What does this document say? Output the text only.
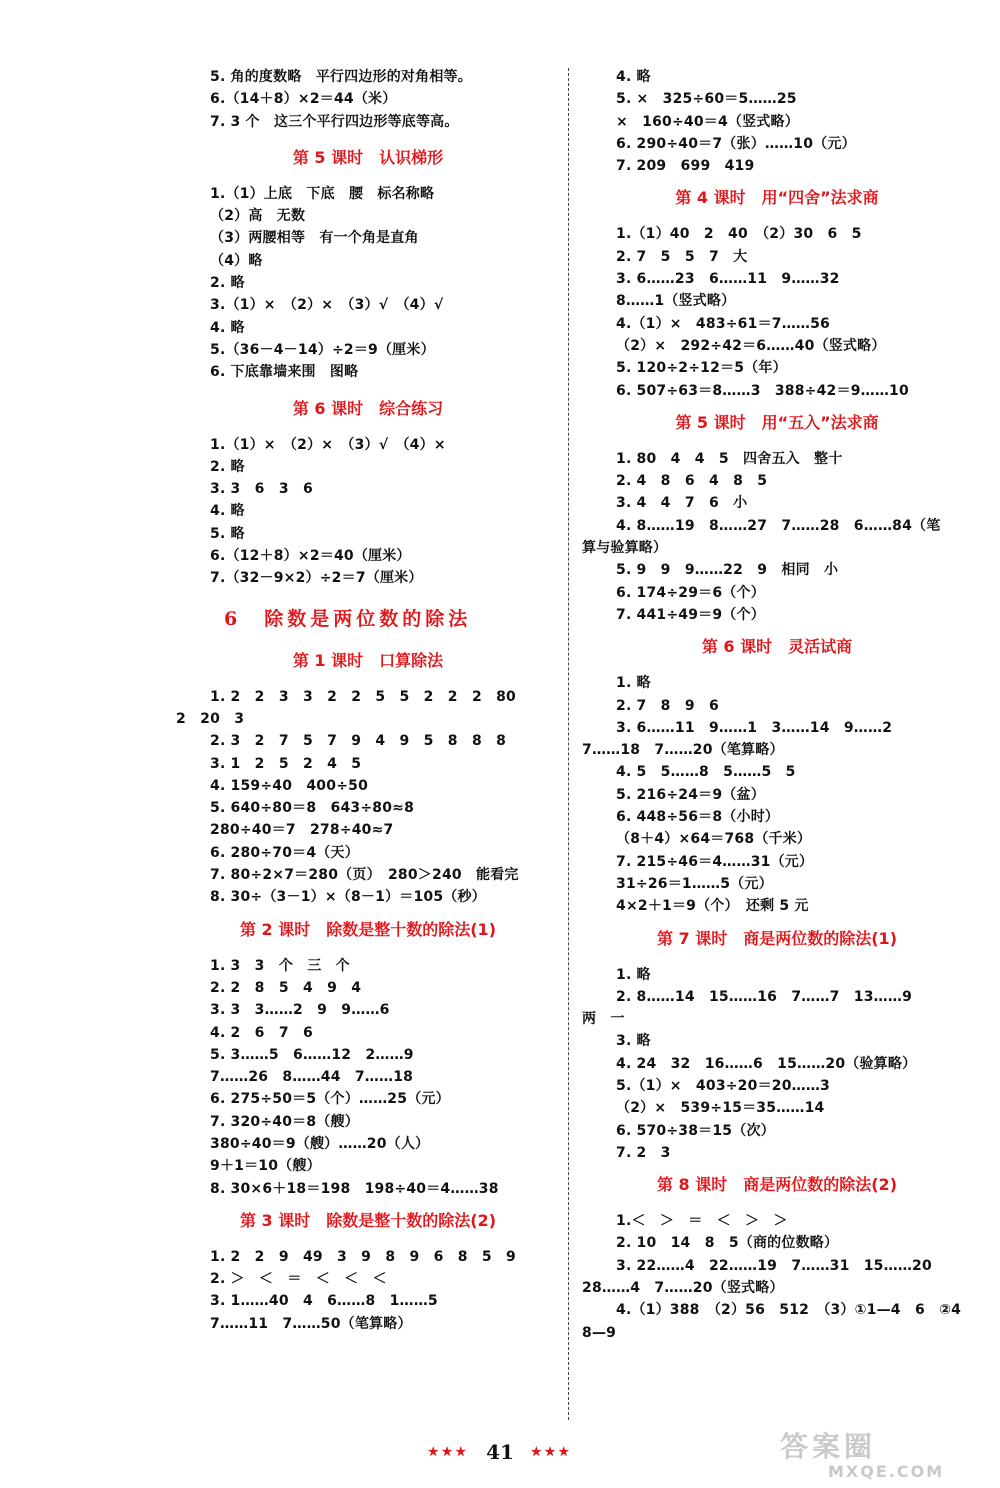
5. 角的度数略　平行四边形的对角相等。
6.（14＋8）×2＝44（米）
7. 3 个　这三个平行四边形等底等高。
第 5 课时　认识梯形
1.（1）上底　下底　腰　标名称略
（2）高　无数
（3）两腰相等　有一个角是直角
（4）略
2. 略
3.（1）×　（2）×　（3）√　（4）√
4. 略
5.（36－4－14）÷2＝9（厘米）
6. 下底靠墙来围　图略
第 6 课时　综合练习
1.（1）×　（2）×　（3）√　（4）×
2. 略
3. 3　6　3　6
4. 略
5. 略
6.（12＋8）×2＝40（厘米）
7.（32－9×2）÷2＝7（厘米）
6　除数是两位数的除法
第 1 课时　口算除法
1. 2　2　3　3　2　2　5　5　2　2　2　80
2　20　3
2. 3　2　7　5　7　9　4　9　5　8　8　8
3. 1　2　5　2　4　5
4. 159÷40　400÷50
5. 640÷80＝8　643÷80≈8
280÷40＝7　278÷40≈7
6. 280÷70＝4（天）
7. 80÷2×7＝280（页）　280＞240　能看完
8. 30÷（3－1）×（8－1）＝105（秒）
第 2 课时　除数是整十数的除法(1)
1. 3　3　个　三　个
2. 2　8　5　4　9　4
3. 3　3……2　9　9……6
4. 2　6　7　6
5. 3……5　6……12　2……9
7……26　8……44　7……18
6. 275÷50＝5（个）……25（元）
7. 320÷40＝8（艘）
380÷40＝9（艘）……20（人）
9＋1＝10（艘）
8. 30×6＋18＝198　198÷40＝4……38
第 3 课时　除数是整十数的除法(2)
1. 2　2　9　49　3　9　8　9　6　8　5　9
2. ＞　＜　＝　＜　＜　＜
3. 1……40　4　6……8　1……5
7……11　7……50（笔算略）
4. 略
5. ×　325÷60＝5……25
×　160÷40＝4（竖式略）
6. 290÷40＝7（张）……10（元）
7. 209　699　419
第 4 课时　用“四舍”法求商
1.（1）40　2　40　（2）30　6　5
2. 7　5　5　7　大
3. 6……23　6……11　9……32
8……1（竖式略）
4.（1）×　483÷61＝7……56
（2）×　292÷42＝6……40（竖式略）
5. 120÷2÷12＝5（年）
6. 507÷63＝8……3　388÷42＝9……10
第 5 课时　用“五入”法求商
1. 80　4　4　5　四舍五入　整十
2. 4　8　6　4　8　5
3. 4　4　7　6　小
4. 8……19　8……27　7……28　6……84（笔
算与验算略）
5. 9　9　9……22　9　相同　小
6. 174÷29＝6（个）
7. 441÷49＝9（个）
第 6 课时　灵活试商
1. 略
2. 7　8　9　6
3. 6……11　9……1　3……14　9……2
7……18　7……20（笔算略）
4. 5　5……8　5……5　5
5. 216÷24＝9（盆）
6. 448÷56＝8（小时）
（8＋4）×64＝768（千米）
7. 215÷46＝4……31（元）
31÷26＝1……5（元）
4×2＋1＝9（个）　还剩 5 元
第 7 课时　商是两位数的除法(1)
1. 略
2. 8……14　15……16　7……7　13……9
两　一
3. 略
4. 24　32　16……6　15……20（验算略）
5.（1）×　403÷20＝20……3
（2）×　539÷15＝35……14
6. 570÷38＝15（次）
7. 2　3
第 8 课时　商是两位数的除法(2)
1.＜　＞　＝　＜　＞　＞
2. 10　14　8　5（商的位数略）
3. 22……4　22……19　7……31　15……20
28……4　7……20（竖式略）
4.（1）388　（2）56　512　（3）①1—4　6　②4
8—9
★★★ 41 ★★★	答案圈
MXQE.COM
